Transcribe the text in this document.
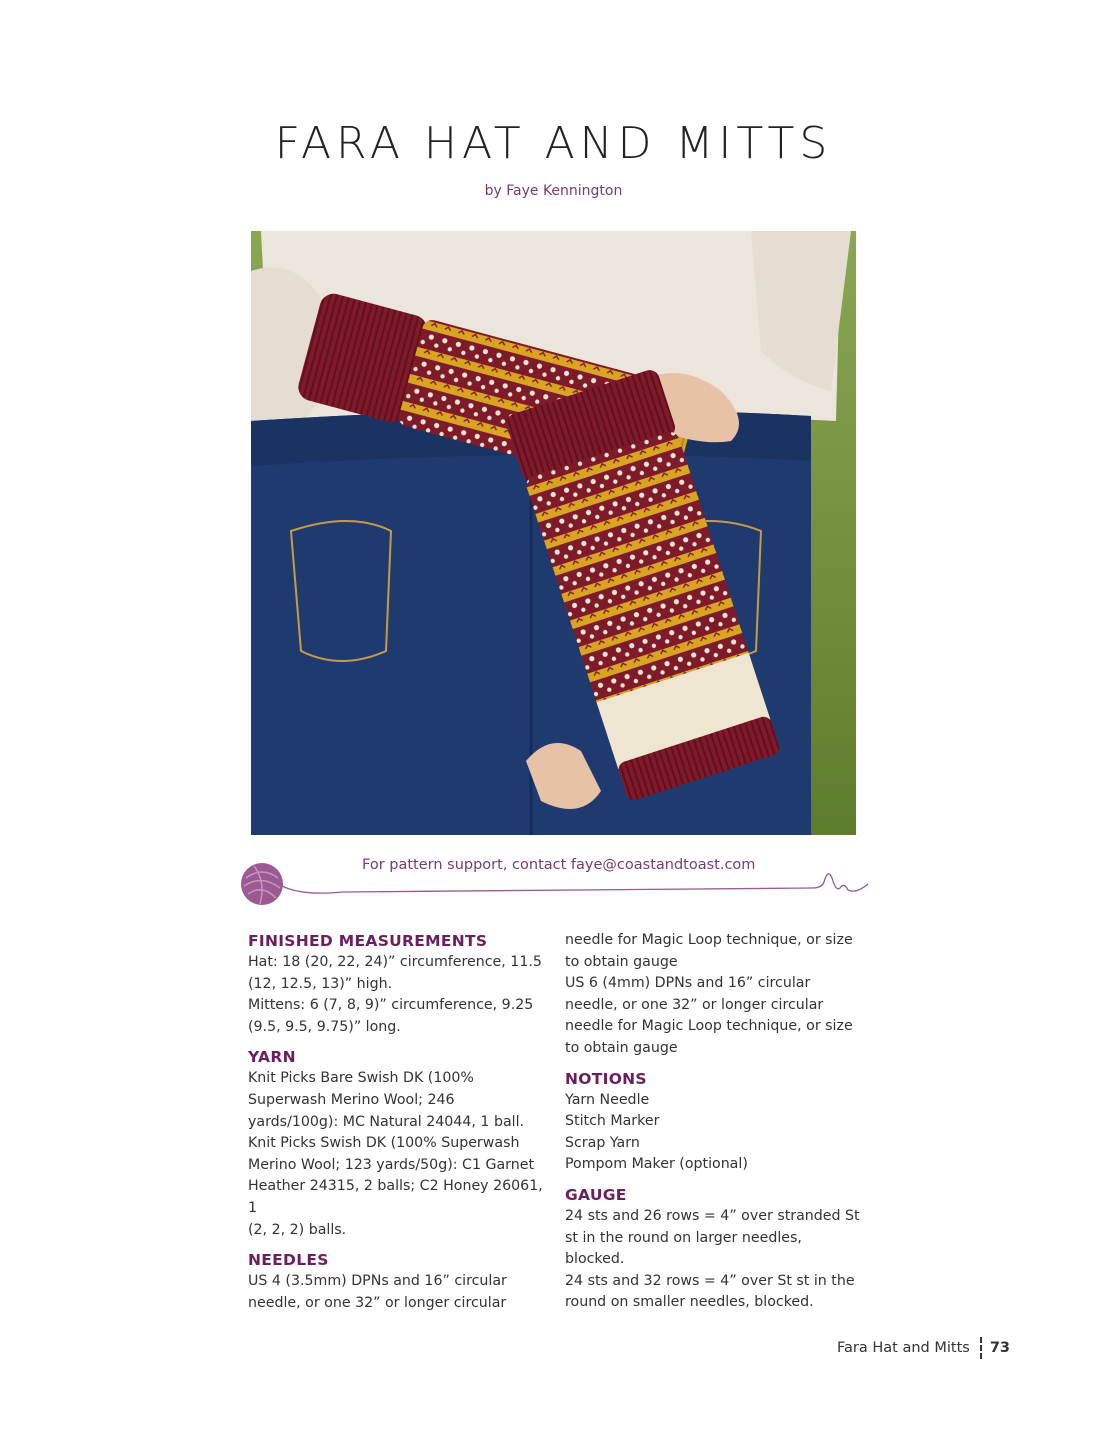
FARA HAT AND MITTS
by Faye Kennington
For pattern support, contact faye@coastandtoast.com
FINISHED MEASUREMENTS

Hat: 18 (20, 22, 24)” circumference, 11.5

(12, 12.5, 13)” high.

Mittens: 6 (7, 8, 9)” circumference, 9.25

(9.5, 9.5, 9.75)” long.

YARN

Knit Picks Bare Swish DK (100%

Superwash Merino Wool; 246

yards/100g): MC Natural 24044, 1 ball.

Knit Picks Swish DK (100% Superwash

Merino Wool; 123 yards/50g): C1 Garnet

Heather 24315, 2 balls; C2 Honey 26061, 1

(2, 2, 2) balls.

NEEDLES

US 4 (3.5mm) DPNs and 16” circular

needle, or one 32” or longer circular

needle for Magic Loop technique, or size

to obtain gauge

US 6 (4mm) DPNs and 16” circular

needle, or one 32” or longer circular

needle for Magic Loop technique, or size

to obtain gauge

NOTIONS

Yarn Needle

Stitch Marker

Scrap Yarn

Pompom Maker (optional)

GAUGE

24 sts and 26 rows = 4” over stranded St

st in the round on larger needles, blocked.

24 sts and 32 rows = 4” over St st in the

round on smaller needles, blocked.

Fara Hat and Mitts 73
